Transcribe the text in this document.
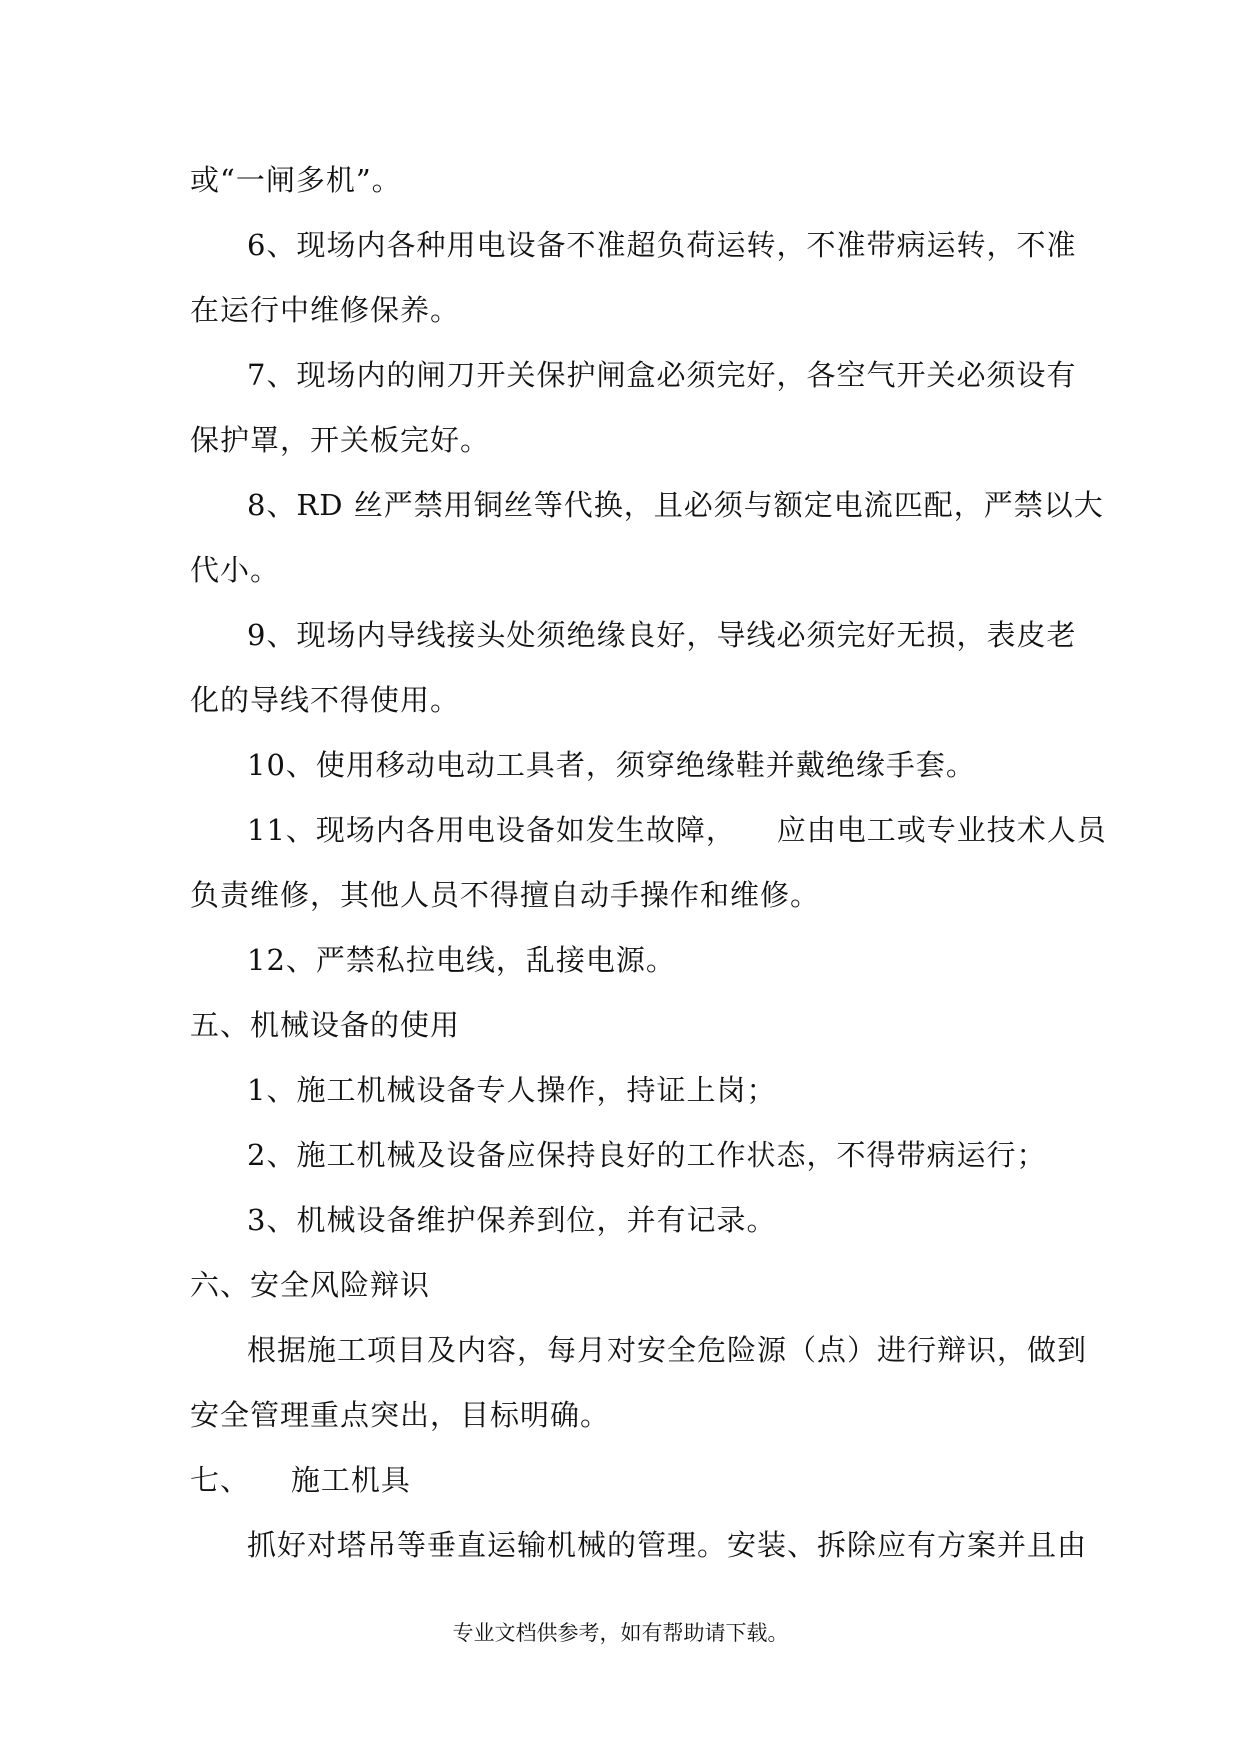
或“一闸多机”。
6、现场内各种用电设备不准超负荷运转，不准带病运转，不准
在运行中维修保养。
7、现场内的闸刀开关保护闸盒必须完好，各空气开关必须设有
保护罩，开关板完好。
8、RD 丝严禁用铜丝等代换，且必须与额定电流匹配，严禁以大
代小。
9、现场内导线接头处须绝缘良好，导线必须完好无损，表皮老
化的导线不得使用。
10、使用移动电动工具者，须穿绝缘鞋并戴绝缘手套。
11、现场内各用电设备如发生故障，    应由电工或专业技术人员
负责维修，其他人员不得擅自动手操作和维修。
12、严禁私拉电线，乱接电源。
五、机械设备的使用
1、施工机械设备专人操作，持证上岗；
2、施工机械及设备应保持良好的工作状态，不得带病运行；
3、机械设备维护保养到位，并有记录。
六、安全风险辩识
根据施工项目及内容，每月对安全危险源（点）进行辩识，做到
安全管理重点突出，目标明确。
七、    施工机具
抓好对塔吊等垂直运输机械的管理。安装、拆除应有方案并且由
专业文档供参考，如有帮助请下载。
